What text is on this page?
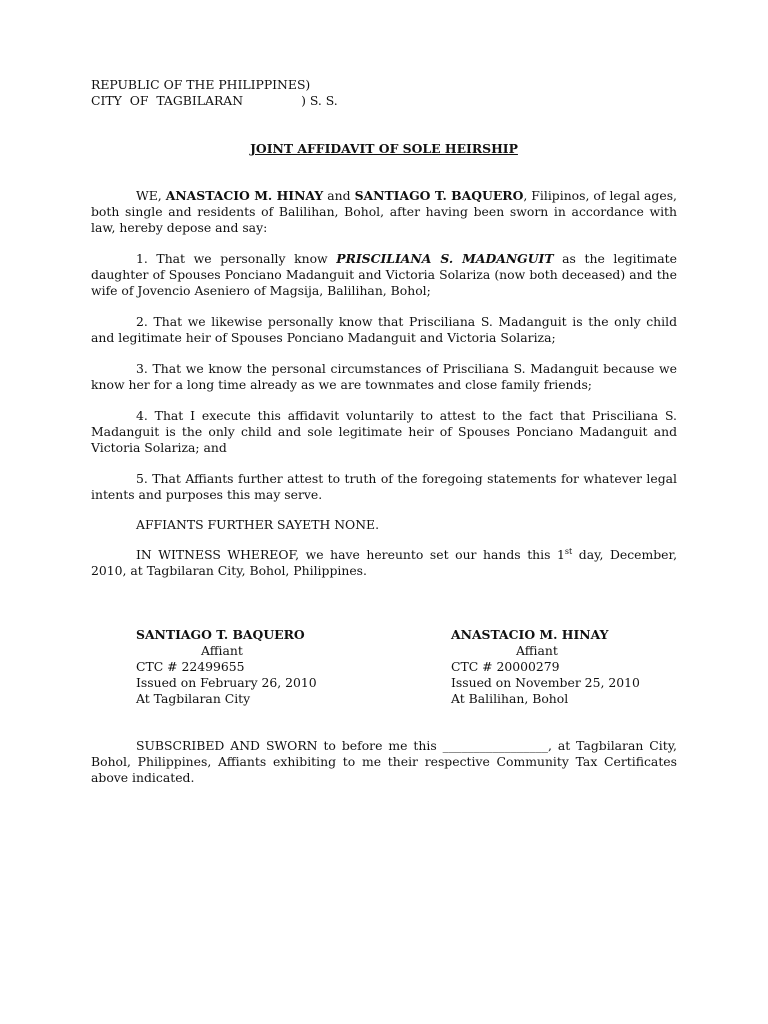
REPUBLIC OF THE PHILIPPINES)
CITY  OF  TAGBILARAN	) S. S.
JOINT AFFIDAVIT OF SOLE HEIRSHIP

WE, ANASTACIO M. HINAY and SANTIAGO T. BAQUERO, Filipinos, of legal ages, both single and residents of Balilihan, Bohol, after having been sworn in accordance with law, hereby depose and say:

1. That we personally know PRISCILIANA S. MADANGUIT as the legitimate daughter of Spouses Ponciano Madanguit and Victoria Solariza (now both deceased) and the wife of Jovencio Aseniero of Magsija, Balilihan, Bohol;

2. That we likewise personally know that Prisciliana S. Madanguit is the only child and legitimate heir of Spouses Ponciano Madanguit and Victoria Solariza;

3. That we know the personal circumstances of Prisciliana S. Madanguit because we know her for a long time already as we are townmates and close family friends;

4. That I execute this affidavit voluntarily to attest to the fact that Prisciliana S. Madanguit is the only child and sole legitimate heir of Spouses Ponciano Madanguit and Victoria Solariza; and

5. That Affiants further attest to truth of the foregoing statements for whatever legal intents and purposes this may serve.

AFFIANTS FURTHER SAYETH NONE.

IN WITNESS WHEREOF, we have hereunto set our hands this 1st day, December, 2010, at Tagbilaran City, Bohol, Philippines.

SANTIAGO T. BAQUERO
Affiant
CTC # 22499655
Issued on February 26, 2010
At Tagbilaran City
ANASTACIO M. HINAY
Affiant
CTC # 20000279
Issued on November 25, 2010
At Balilihan, Bohol

SUBSCRIBED AND SWORN to before me this _________________, at Tagbilaran City, Bohol, Philippines, Affiants exhibiting to me their respective Community Tax Certificates above indicated.
